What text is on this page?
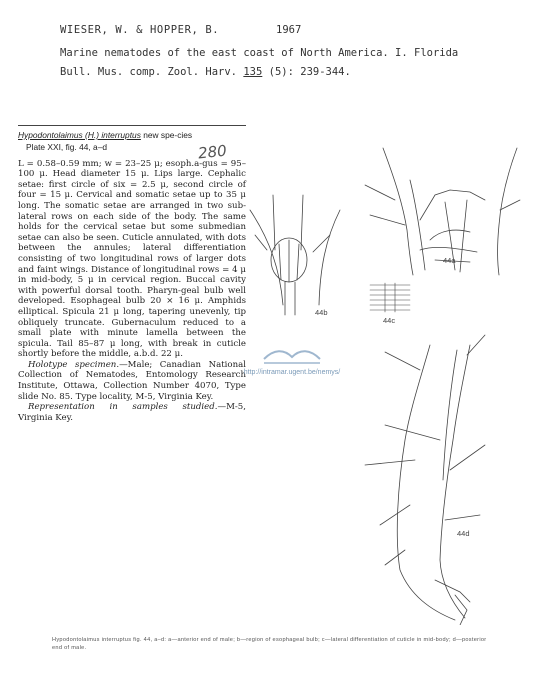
WIESER, W. & HOPPER, B.	1967
Marine nematodes of the east coast of North America. I. Florida
Bull. Mus. comp. Zool. Harv. 135 (5): 239-344.
280
Hypodontolaimus (H.) interruptus new spe-cies
Plate XXI, fig. 44, a–d

L = 0.58–0.59 mm; w = 23–25 μ; esoph.a-gus = 95–100 μ. Head diameter 15 μ. Lips large. Cephalic setae: first circle of six = 2.5 μ, second circle of four = 15 μ. Cervical and somatic setae up to 35 μ long. The somatic setae are arranged in two sub-lateral rows on each side of the body. The same holds for the cervical setae but some submedian setae can also be seen. Cuticle annulated, with dots between the annules; lateral differentiation consisting of two longitudinal rows of larger dots and faint wings. Distance of longitudinal rows = 4 μ in mid-body, 5 μ in cervical region. Buccal cavity with powerful dorsal tooth. Pharyn-geal bulb well developed. Esophageal bulb 20 × 16 μ. Amphids elliptical. Spicula 21 μ long, tapering unevenly, tip obliquely truncate. Gubernaculum reduced to a small plate with minute lamella between the spicula. Tail 85–87 μ long, with break in cuticle shortly before the middle, a.b.d. 22 μ.

Holotype specimen.—Male; Canadian National Collection of Nematodes, Entomology Research Institute, Ottawa, Collection Number 4070, Type slide No. 85. Type locality, M-5, Virginia Key.

Representation in samples studied.—M-5, Virginia Key.

44a
44b
44c
44d
http://intramar.ugent.be/nemys/
Hypodontolaimus interruptus fig. 44, a–d: a—anterior end of male; b—region of esophageal bulb; c—lateral differentiation of cuticle in mid-body; d—posterior end of male.
